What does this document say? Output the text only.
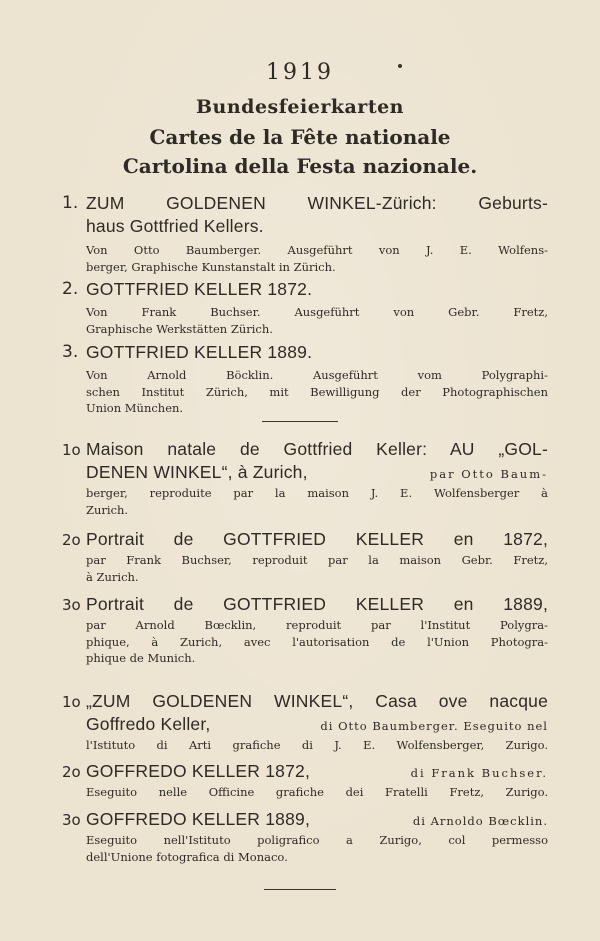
1919
Bundesfeierkarten
Cartes de la Fête nationale
Cartolina della Festa nazionale.
1. ZUM GOLDENEN WINKEL-Zürich: Geburts-
haus Gottfried Kellers.
Von Otto Baumberger. Ausgeführt von J. E. Wolfens-
berger, Graphische Kunstanstalt in Zürich.
2. GOTTFRIED KELLER 1872.
Von Frank Buchser. Ausgeführt von Gebr. Fretz,
Graphische Werkstätten Zürich.
3. GOTTFRIED KELLER 1889.
Von Arnold Böcklin. Ausgeführt vom Polygraphi-
schen Institut Zürich, mit Bewilligung der Photographischen
Union München.
1o Maison natale de Gottfried Keller: AU „GOL-
DENEN WINKEL“, à Zurich,	par Otto Baum-
berger, reproduite par la maison J. E. Wolfensberger à
Zurich.
2o Portrait de GOTTFRIED KELLER en 1872,
par Frank Buchser, reproduit par la maison Gebr. Fretz,
à Zurich.
3o Portrait de GOTTFRIED KELLER en 1889,
par Arnold Bœcklin, reproduit par l'Institut Polygra-
phique, à Zurich, avec l'autorisation de l'Union Photogra-
phique de Munich.
1o „ZUM GOLDENEN WINKEL“, Casa ove nacque
Goffredo Keller,	di Otto Baumberger. Eseguito nel
l'Istituto di Arti grafiche di J. E. Wolfensberger, Zurigo.
2o GOFFREDO KELLER 1872,	di Frank Buchser.
Eseguito nelle Officine grafiche dei Fratelli Fretz, Zurigo.
3o GOFFREDO KELLER 1889,	di Arnoldo Bœcklin.
Eseguito nell'Istituto poligrafico a Zurigo, col permesso
dell'Unione fotografica di Monaco.
